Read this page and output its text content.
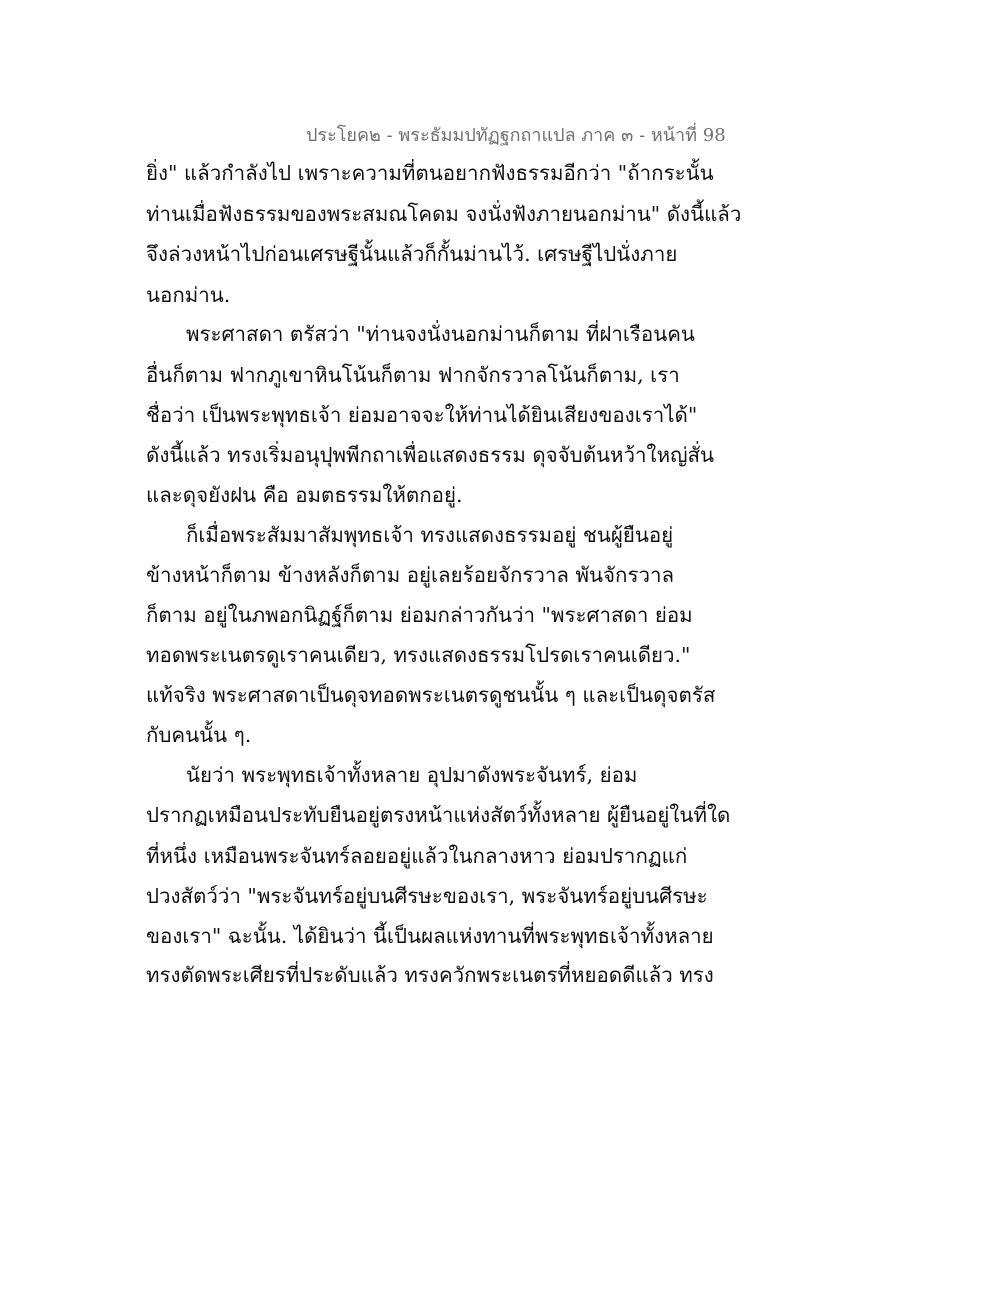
ประโยค๒ - พระธัมมปทัฏฐกถาแปล ภาค ๓ - หน้าที่ 98
ยิ่ง" แล้วกำลังไป เพราะความที่ตนอยากฟังธรรมอีกว่า "ถ้ากระนั้น
ท่านเมื่อฟังธรรมของพระสมณโคดม จงนั่งฟังภายนอกม่าน" ดังนี้แล้ว
จึงล่วงหน้าไปก่อนเศรษฐีนั้นแล้วก็กั้นม่านไว้. เศรษฐีไปนั่งภาย
นอกม่าน.
พระศาสดา ตรัสว่า "ท่านจงนั่งนอกม่านก็ตาม ที่ฝาเรือนคน
อื่นก็ตาม ฟากภูเขาหินโน้นก็ตาม ฟากจักรวาลโน้นก็ตาม, เรา
ชื่อว่า เป็นพระพุทธเจ้า ย่อมอาจจะให้ท่านได้ยินเสียงของเราได้"
ดังนี้แล้ว ทรงเริ่มอนุปุพพีกถาเพื่อแสดงธรรม ดุจจับต้นหว้าใหญ่สั่น
และดุจยังฝน คือ อมตธรรมให้ตกอยู่.
ก็เมื่อพระสัมมาสัมพุทธเจ้า ทรงแสดงธรรมอยู่ ชนผู้ยืนอยู่
ข้างหน้าก็ตาม ข้างหลังก็ตาม อยู่เลยร้อยจักรวาล พันจักรวาล
ก็ตาม อยู่ในภพอกนิฏฐ์ก็ตาม ย่อมกล่าวกันว่า "พระศาสดา ย่อม
ทอดพระเนตรดูเราคนเดียว, ทรงแสดงธรรมโปรดเราคนเดียว."
แท้จริง พระศาสดาเป็นดุจทอดพระเนตรดูชนนั้น ๆ และเป็นดุจตรัส
กับคนนั้น ๆ.
นัยว่า พระพุทธเจ้าทั้งหลาย อุปมาดังพระจันทร์, ย่อม
ปรากฏเหมือนประทับยืนอยู่ตรงหน้าแห่งสัตว์ทั้งหลาย ผู้ยืนอยู่ในที่ใด
ที่หนึ่ง เหมือนพระจันทร์ลอยอยู่แล้วในกลางหาว ย่อมปรากฏแก่
ปวงสัตว์ว่า "พระจันทร์อยู่บนศีรษะของเรา, พระจันทร์อยู่บนศีรษะ
ของเรา" ฉะนั้น. ได้ยินว่า นี้เป็นผลแห่งทานที่พระพุทธเจ้าทั้งหลาย
ทรงตัดพระเศียรที่ประดับแล้ว ทรงควักพระเนตรที่หยอดดีแล้ว ทรง
